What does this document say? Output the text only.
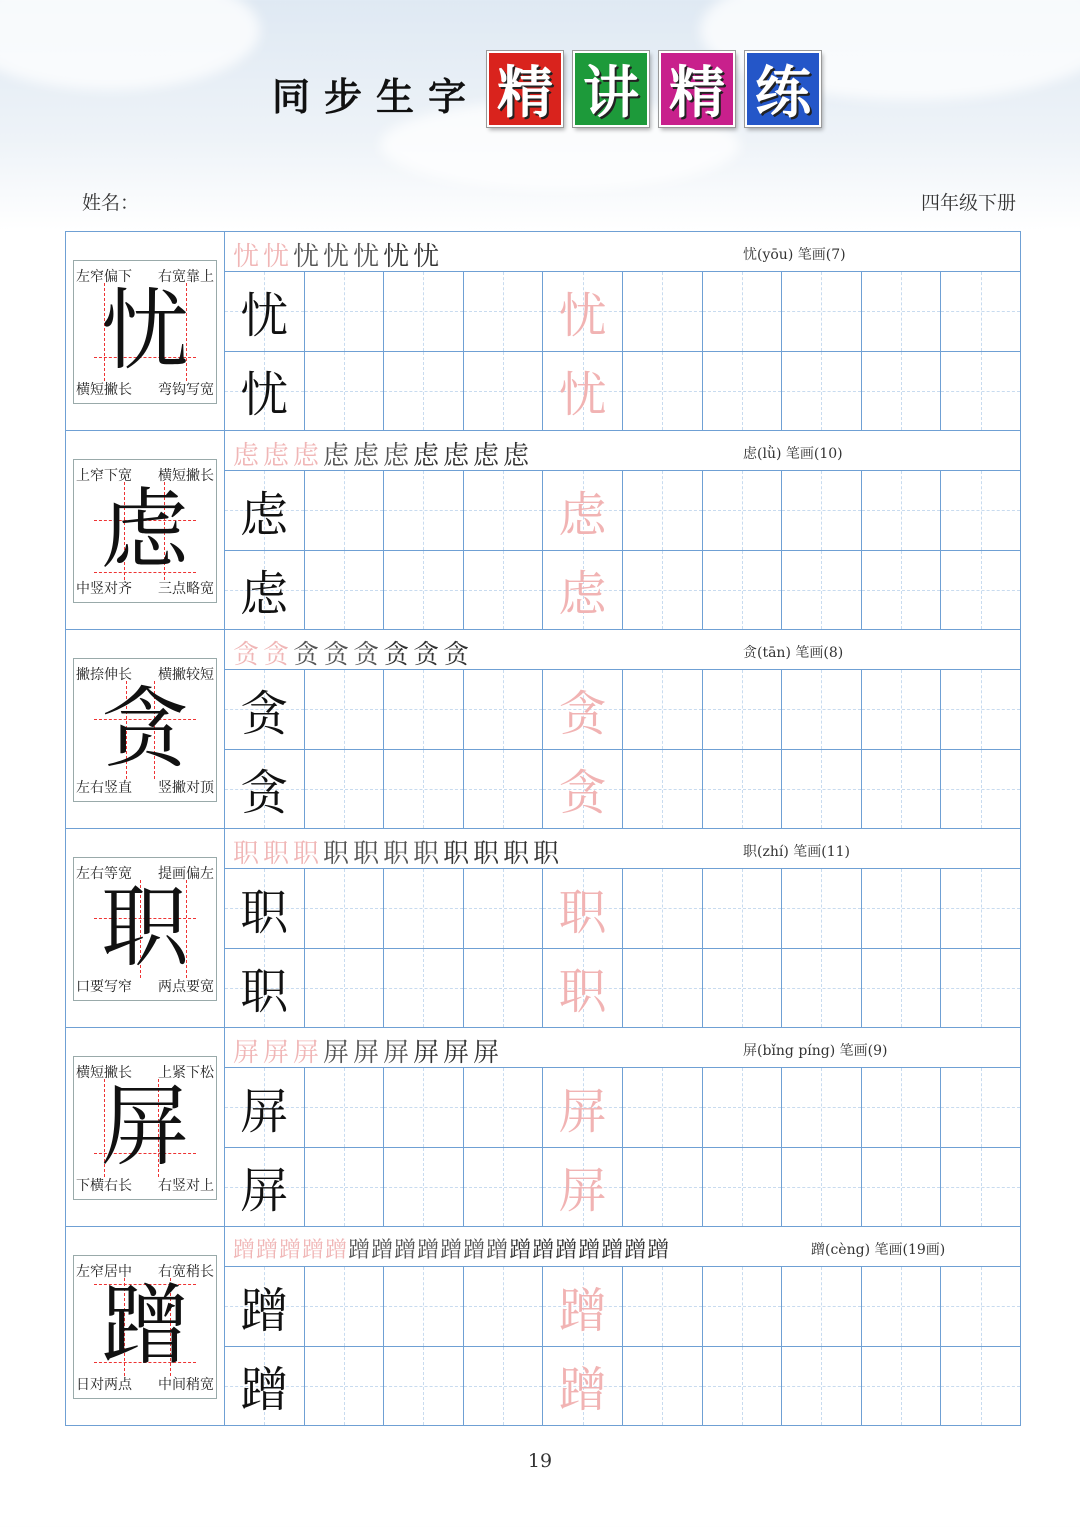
同步生字 精 讲 精 练
姓名：	四年级下册
左窄偏下 右宽靠上
横短撇长 弯钩写宽
忧
忧忧忧忧忧忧忧	忧(yōu) 笔画(7)
忧	忧
忧	忧
上窄下宽 横短撇长
中竖对齐 三点略宽
虑
虑虑虑虑虑虑虑虑虑虑	虑(lǜ) 笔画(10)
虑	虑
虑	虑
撇捺伸长 横撇较短
左右竖直 竖撇对顶
贪
贪贪贪贪贪贪贪贪	贪(tān) 笔画(8)
贪	贪
贪	贪
左右等宽 提画偏左
口要写窄 两点要宽
职
职职职职职职职职职职职	职(zhí) 笔画(11)
职	职
职	职
横短撇长 上紧下松
下横右长 右竖对上
屏
屏屏屏屏屏屏屏屏屏	屏(bǐng píng) 笔画(9)
屏	屏
屏	屏
左窄居中 右宽稍长
日对两点 中间稍宽
蹭
蹭蹭蹭蹭蹭蹭蹭蹭蹭蹭蹭蹭蹭蹭蹭蹭蹭蹭蹭	蹭(cèng) 笔画(19画)
蹭	蹭
蹭	蹭
19
